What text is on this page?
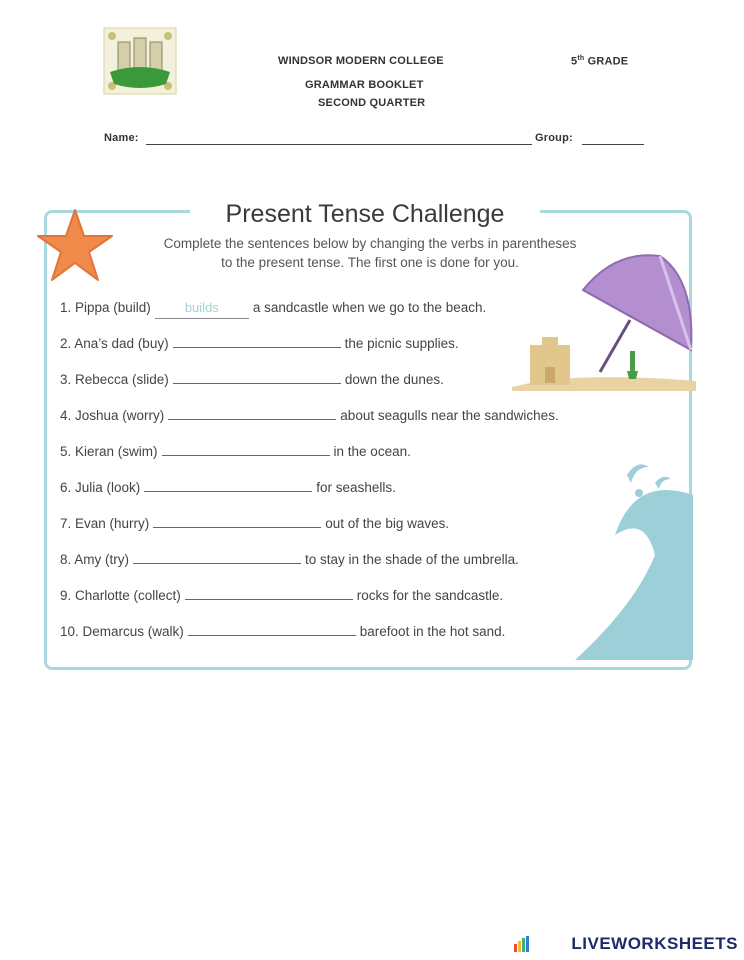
WINDSOR MODERN COLLEGE	5th GRADE
GRAMMAR BOOKLET
SECOND QUARTER
Name:	Group:
Present Tense Challenge
Complete the sentences below by changing the verbs in parentheses
to the present tense. The first one is done for you.
1. Pippa (build)	builds	a sandcastle when we go to the beach.
2. Ana’s dad (buy)	the picnic supplies.
3. Rebecca (slide)	down the dunes.
4. Joshua (worry)	about seagulls near the sandwiches.
5. Kieran (swim)	in the ocean.
6. Julia (look)	for seashells.
7. Evan (hurry)	out of the big waves.
8. Amy (try)	to stay in the shade of the umbrella.
9. Charlotte (collect)	rocks for the sandcastle.
10. Demarcus (walk)	barefoot in the hot sand.
LIVEWORKSHEETS
